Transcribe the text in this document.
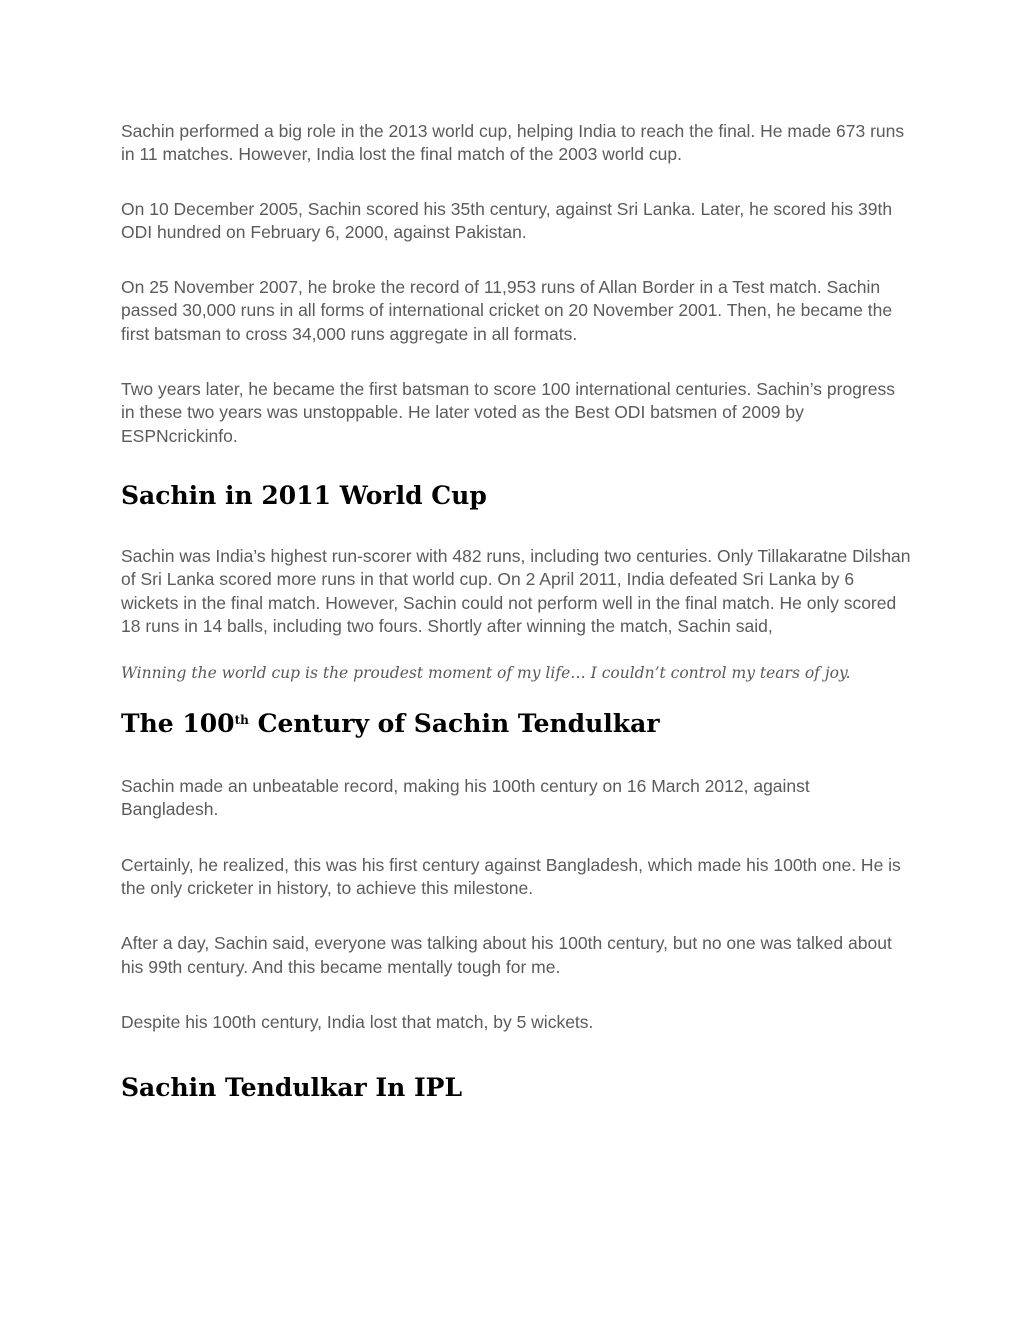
Sachin performed a big role in the 2013 world cup, helping India to reach the final. He made 673 runs in 11 matches. However, India lost the final match of the 2003 world cup.

On 10 December 2005, Sachin scored his 35th century, against Sri Lanka. Later, he scored his 39th ODI hundred on February 6, 2000, against Pakistan.

On 25 November 2007, he broke the record of 11,953 runs of Allan Border in a Test match. Sachin passed 30,000 runs in all forms of international cricket on 20 November 2001. Then, he became the first batsman to cross 34,000 runs aggregate in all formats.

Two years later, he became the first batsman to score 100 international centuries. Sachin’s progress in these two years was unstoppable. He later voted as the Best ODI batsmen of 2009 by ESPNcrickinfo.

Sachin in 2011 World Cup

Sachin was India’s highest run-scorer with 482 runs, including two centuries. Only Tillakaratne Dilshan of Sri Lanka scored more runs in that world cup. On 2 April 2011, India defeated Sri Lanka by 6 wickets in the final match. However, Sachin could not perform well in the final match. He only scored 18 runs in 14 balls, including two fours. Shortly after winning the match, Sachin said,

Winning the world cup is the proudest moment of my life… I couldn’t control my tears of joy.

The 100th Century of Sachin Tendulkar

Sachin made an unbeatable record, making his 100th century on 16 March 2012, against Bangladesh.

Certainly, he realized, this was his first century against Bangladesh, which made his 100th one. He is the only cricketer in history, to achieve this milestone.

After a day, Sachin said, everyone was talking about his 100th century, but no one was talked about his 99th century. And this became mentally tough for me.

Despite his 100th century, India lost that match, by 5 wickets.

Sachin Tendulkar In IPL
